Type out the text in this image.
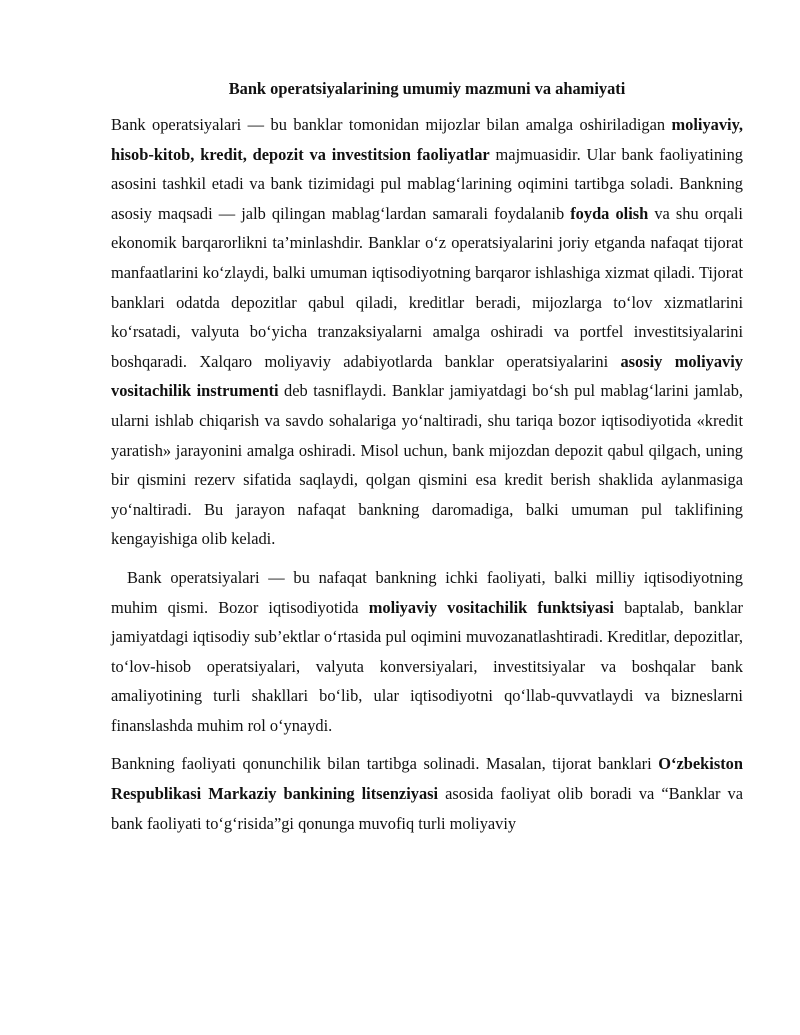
Bank operatsiyalarining umumiy mazmuni va ahamiyati

Bank operatsiyalari — bu banklar tomonidan mijozlar bilan amalga oshiriladigan moliyaviy, hisob-kitob, kredit, depozit va investitsion faoliyatlar majmuasidir. Ular bank faoliyatining asosini tashkil etadi va bank tizimidagi pul mablag‘larining oqimini tartibga soladi. Bankning asosiy maqsadi — jalb qilingan mablag‘lardan samarali foydalanib foyda olish va shu orqali ekonomik barqarorlikni ta’minlashdir. Banklar o‘z operatsiyalarini joriy etganda nafaqat tijorat manfaatlarini ko‘zlaydi, balki umuman iqtisodiyotning barqaror ishlashiga xizmat qiladi. Tijorat banklari odatda depozitlar qabul qiladi, kreditlar beradi, mijozlarga to‘lov xizmatlarini ko‘rsatadi, valyuta bo‘yicha tranzaksiyalarni amalga oshiradi va portfel investitsiyalarini boshqaradi. Xalqaro moliyaviy adabiyotlarda banklar operatsiyalarini asosiy moliyaviy vositachilik instrumenti deb tasniflaydi. Banklar jamiyatdagi bo‘sh pul mablag‘larini jamlab, ularni ishlab chiqarish va savdo sohalariga yo‘naltiradi, shu tariqa bozor iqtisodiyotida «kredit yaratish» jarayonini amalga oshiradi. Misol uchun, bank mijozdan depozit qabul qilgach, uning bir qismini rezerv sifatida saqlaydi, qolgan qismini esa kredit berish shaklida aylanmasiga yo‘naltiradi. Bu jarayon nafaqat bankning daromadiga, balki umuman pul taklifining kengayishiga olib keladi.

Bank operatsiyalari — bu nafaqat bankning ichki faoliyati, balki milliy iqtisodiyotning muhim qismi. Bozor iqtisodiyotida moliyaviy vositachilik funktsiyasi baptalab, banklar jamiyatdagi iqtisodiy sub’ektlar o‘rtasida pul oqimini muvozanatlashtiradi. Kreditlar, depozitlar, to‘lov-hisob operatsiyalari, valyuta konversiyalari, investitsiyalar va boshqalar bank amaliyotining turli shakllari bo‘lib, ular iqtisodiyotni qo‘llab-quvvatlaydi va bizneslarni finanslashda muhim rol o‘ynaydi.

Bankning faoliyati qonunchilik bilan tartibga solinadi. Masalan, tijorat banklari O‘zbekiston Respublikasi Markaziy bankining litsenziyasi asosida faoliyat olib boradi va “Banklar va bank faoliyati to‘g‘risida”gi qonunga muvofiq turli moliyaviy
